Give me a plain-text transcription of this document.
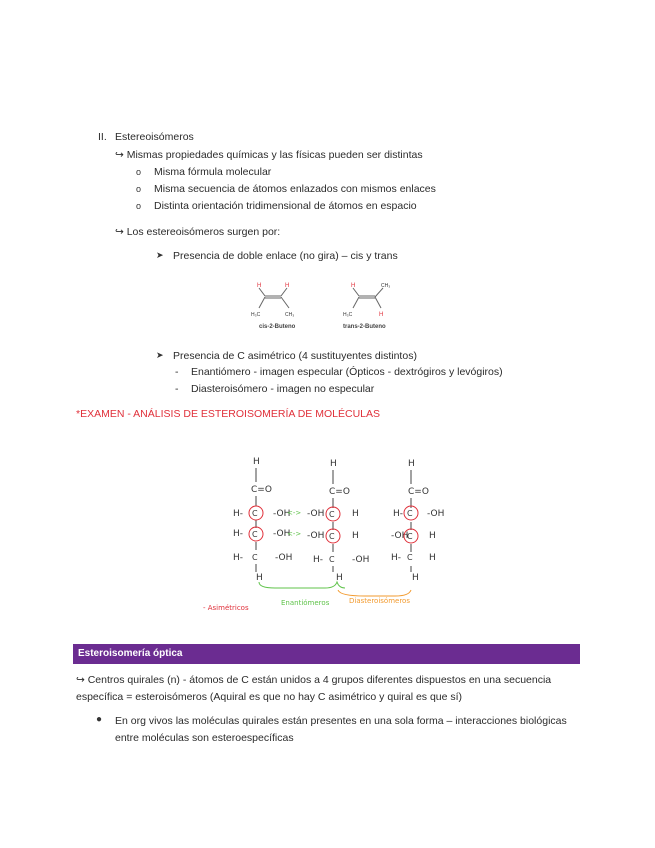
II. Estereoisómeros
↪ Mismas propiedades químicas y las físicas pueden ser distintas
o Misma fórmula molecular
o Misma secuencia de átomos enlazados con mismos enlaces
o Distinta orientación tridimensional de átomos en espacio
↪ Los estereoisómeros surgen por:
➤ Presencia de doble enlace (no gira) – cis y trans
H	H
H₃C	CH₃
H	CH₃
H₃C	H
cis-2-Buteno	trans-2-Buteno
➤ Presencia de C asimétrico (4 sustituyentes distintos)
- Enantiómero - imagen especular (Ópticos - dextrógiros y levógiros)
- Diasteroisómero - imagen no especular
*EXAMEN - ANÁLISIS DE ESTEROISOMERÍA DE MOLÉCULAS
H
C=O
H-	-OH
H-	-OH
H-	-OH
H
H
C=O
-OH	H
-OH	H
H-	-OH
H
H
C=O
H-	-OH
-OH H
H-	H
H
C
C
C
C
C
C
C	C	C
<->
<->
- Asimétricos
Enantiómeros	Diasteroisómeros
Esteroisomería óptica
↪ Centros quirales (n) - átomos de C están unidos a 4 grupos diferentes dispuestos en una secuencia específica = esteroisómeros (Aquiral es que no hay C asimétrico y quiral es que sí)
● En org vivos las moléculas quirales están presentes en una sola forma – interacciones biológicas entre moléculas son esteroespecíficas
